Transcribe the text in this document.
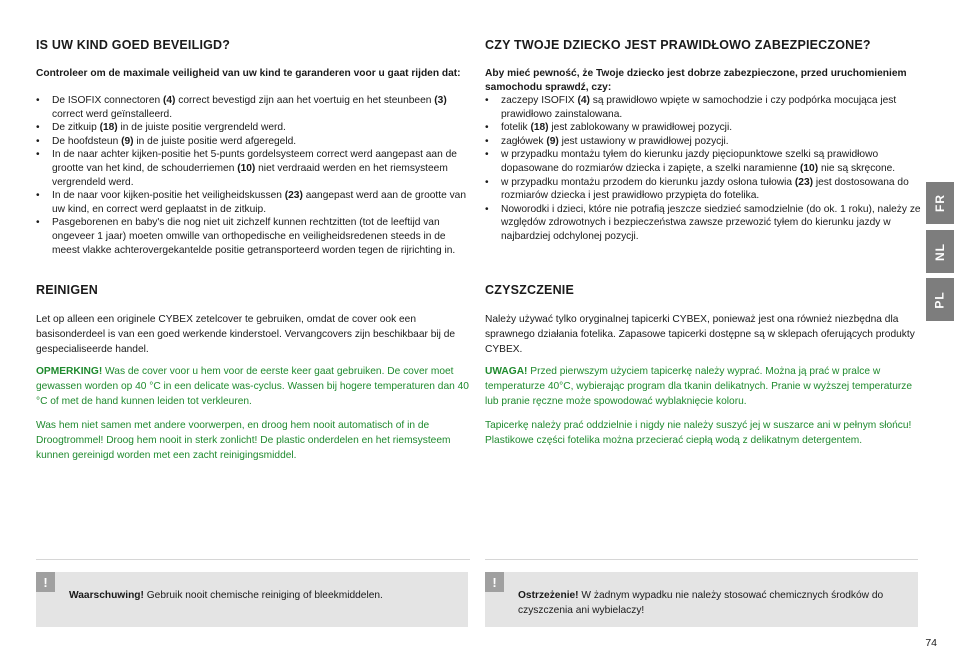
IS UW KIND GOED BEVEILIGD?

Controleer om de maximale veiligheid van uw kind te garanderen voor u gaat rijden dat:

• De ISOFIX connectoren (4) correct bevestigd zijn aan het voertuig en het steunbeen (3) correct werd geïnstalleerd.
• De zitkuip (18) in de juiste positie vergrendeld werd.
• De hoofdsteun (9) in de juiste positie werd afgeregeld.
• In de naar achter kijken-positie het 5-punts gordelsysteem correct werd aangepast aan de grootte van het kind, de schouderriemen (10) niet verdraaid werden en het riemsysteem vergrendeld werd.
• In de naar voor kijken-positie het veiligheidskussen (23) aangepast werd aan de grootte van uw kind, en correct werd geplaatst in de zitkuip.
• Pasgeborenen en baby's die nog niet uit zichzelf kunnen rechtzitten (tot de leeftijd van ongeveer 1 jaar) moeten omwille van orthopedische en veiligheidsredenen steeds in de meest vlakke achterovergekantelde positie getransporteerd worden tegen de rijrichting in.
REINIGEN

Let op alleen een originele CYBEX zetelcover te gebruiken, omdat de cover ook een basisonderdeel is van een goed werkende kinderstoel. Vervangcovers zijn beschikbaar bij de gespecialiseerde handel.

OPMERKING! Was de cover voor u hem voor de eerste keer gaat gebruiken. De cover moet gewassen worden op 40 °C in een delicate was-cyclus. Wassen bij hogere temperaturen dan 40 °C of met de hand kunnen leiden tot verkleuren.

Was hem niet samen met andere voorwerpen, en droog hem nooit automatisch of in de Droogtrommel! Droog hem nooit in sterk zonlicht! De plastic onderdelen en het riemsysteem kunnen gereinigd worden met een zacht reinigingsmiddel.

CZY TWOJE DZIECKO JEST PRAWIDŁOWO ZABEZPIECZONE?

Aby mieć pewność, że Twoje dziecko jest dobrze zabezpieczone, przed uruchomieniem samochodu sprawdź, czy:

• zaczepy ISOFIX (4) są prawidłowo wpięte w samochodzie i czy podpórka mocująca jest prawidłowo zainstalowana.
• fotelik (18) jest zablokowany w prawidłowej pozycji.
• zagłówek (9) jest ustawiony w prawidłowej pozycji.
• w przypadku montażu tyłem do kierunku jazdy pięciopunktowe szelki są prawidłowo dopasowane do rozmiarów dziecka i zapięte, a szelki naramienne (10) nie są skręcone.
• w przypadku montażu przodem do kierunku jazdy osłona tułowia (23) jest dostosowana do rozmiarów dziecka i jest prawidłowo przypięta do fotelika.
• Noworodki i dzieci, które nie potrafią jeszcze siedzieć samodzielnie (do ok. 1 roku), należy ze względów zdrowotnych i bezpieczeństwa zawsze przewozić tyłem do kierunku jazdy w najbardziej odchylonej pozycji.
CZYSZCZENIE

Należy używać tylko oryginalnej tapicerki CYBEX, ponieważ jest ona również niezbędna dla sprawnego działania fotelika. Zapasowe tapicerki dostępne są w sklepach oferujących produkty CYBEX.

UWAGA! Przed pierwszym użyciem tapicerkę należy wyprać. Można ją prać w pralce w temperaturze 40°C, wybierając program dla tkanin delikatnych. Pranie w wyższej temperaturze lub pranie ręczne może spowodować wyblaknięcie koloru.

Tapicerkę należy prać oddzielnie i nigdy nie należy suszyć jej w suszarce ani w pełnym słońcu! Plastikowe części fotelika można przecierać ciepłą wodą z delikatnym detergentem.

!

Waarschuwing! Gebruik nooit chemische reiniging of bleekmiddelen.

!

Ostrzeżenie! W żadnym wypadku nie należy stosować chemicznych środków do czyszczenia ani wybielaczy!

FR
NL
PL
74
